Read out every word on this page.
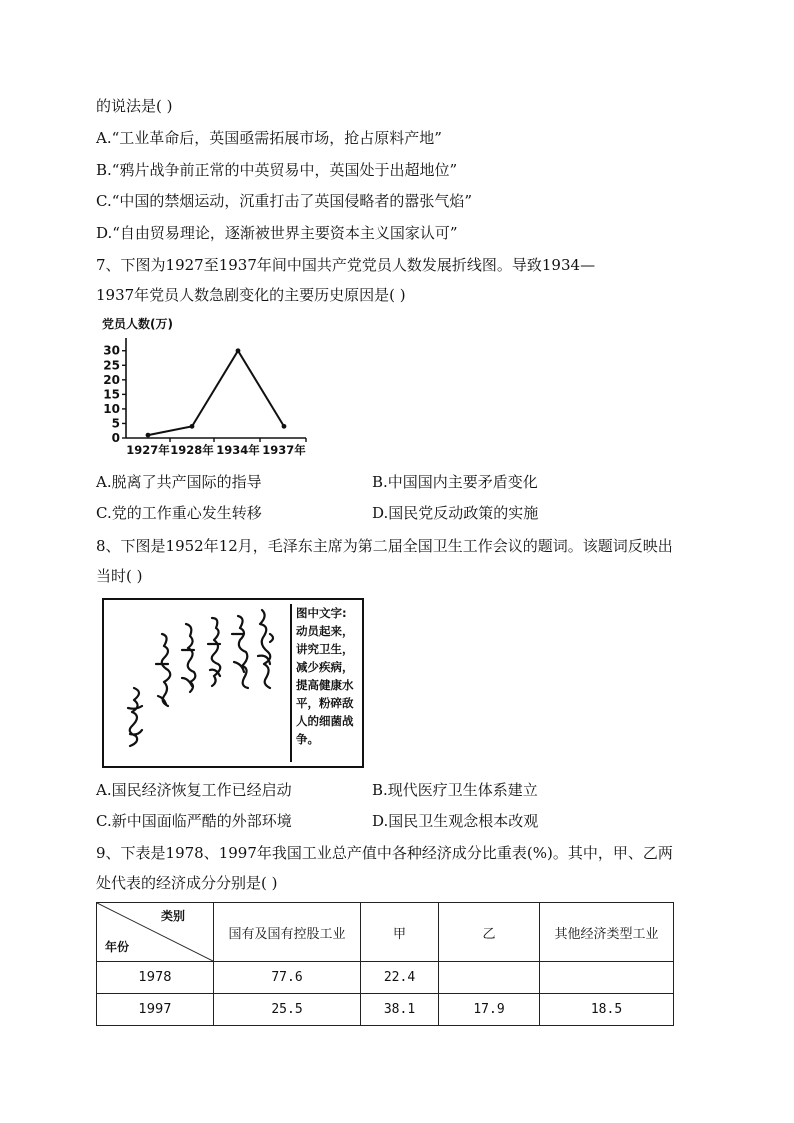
的说法是( )
A.“工业革命后，英国亟需拓展市场，抢占原料产地”
B.“鸦片战争前正常的中英贸易中，英国处于出超地位”
C.“中国的禁烟运动，沉重打击了英国侵略者的嚣张气焰”
D.“自由贸易理论，逐渐被世界主要资本主义国家认可”
7、下图为1927至1937年间中国共产党党员人数发展折线图。导致1934—
1937年党员人数急剧变化的主要历史原因是( )
党员人数(万)
0
5
10
15
20
25
30
1927年 1928年 1934年 1937年
A.脱离了共产国际的指导	B.中国国内主要矛盾变化
C.党的工作重心发生转移	D.国民党反动政策的实施
8、下图是1952年12月，毛泽东主席为第二届全国卫生工作会议的题词。该题词反映出
当时( )
图中文字:
动员起来，讲究卫生，减少疾病，提高健康水平，粉碎敌人的细菌战争。
A.国民经济恢复工作已经启动	B.现代医疗卫生体系建立
C.新中国面临严酷的外部环境	D.国民卫生观念根本改观
9、下表是1978、1997年我国工业总产值中各种经济成分比重表(%)。其中，甲、乙两
处代表的经济成分分别是( )
类别
年份	国有及国有控股工业	甲	乙	其他经济类型工业
1978	77.6	22.4		
1997	25.5	38.1	17.9	18.5
